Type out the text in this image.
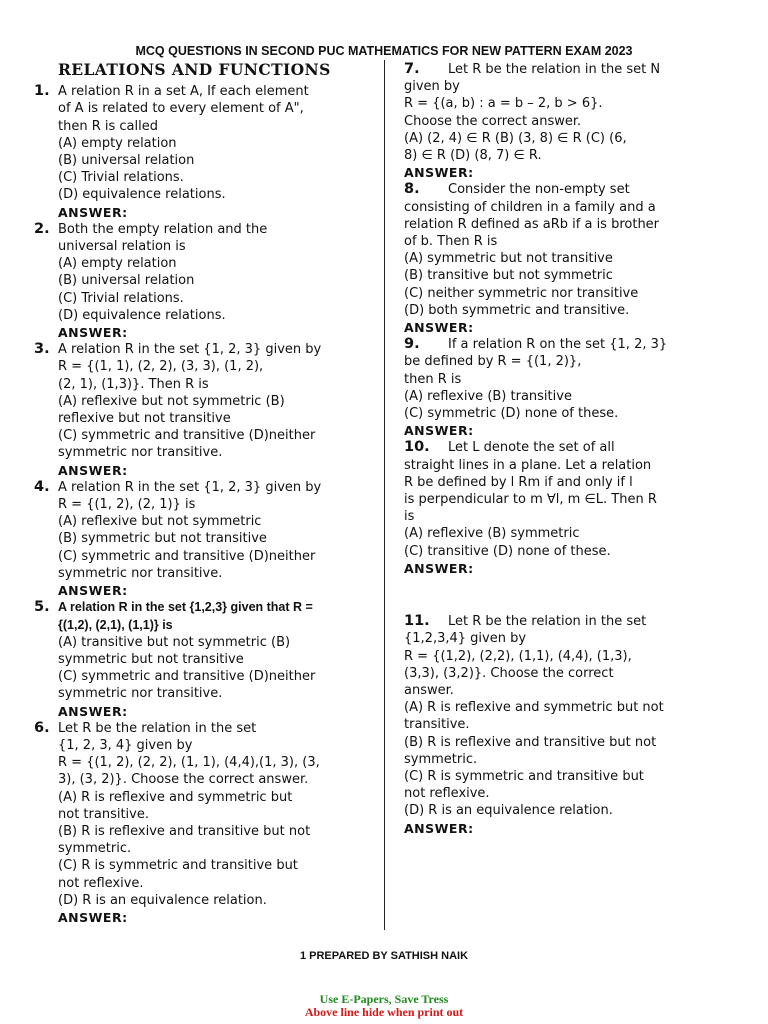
MCQ QUESTIONS IN SECOND PUC MATHEMATICS FOR NEW PATTERN EXAM 2023
RELATIONS AND FUNCTIONS
1. A relation R in a set A, If each element
of A is related to every element of A",
then R is called
(A) empty relation
(B) universal relation
(C) Trivial relations.
(D) equivalence relations.
ANSWER:
2. Both the empty relation and the
universal relation is
(A) empty relation
(B) universal relation
(C) Trivial relations.
(D) equivalence relations.
ANSWER:
3. A relation R in the set {1, 2, 3} given by
R = {(1, 1), (2, 2), (3, 3), (1, 2),
(2, 1), (1,3)}. Then R is
(A) reflexive but not symmetric (B)
reflexive but not transitive
(C) symmetric and transitive (D)neither
symmetric nor transitive.
ANSWER:
4. A relation R in the set {1, 2, 3} given by
R = {(1, 2), (2, 1)} is
(A) reflexive but not symmetric
(B) symmetric but not transitive
(C) symmetric and transitive (D)neither
symmetric nor transitive.
ANSWER:
5. A relation R in the set {1,2,3} given that R =
{(1,2), (2,1), (1,1)} is
(A) transitive but not symmetric (B)
symmetric but not transitive
(C) symmetric and transitive (D)neither
symmetric nor transitive.
ANSWER:
6. Let R be the relation in the set
{1, 2, 3, 4} given by
R = {(1, 2), (2, 2), (1, 1), (4,4),(1, 3), (3,
3), (3, 2)}. Choose the correct answer.
(A) R is reflexive and symmetric but
not transitive.
(B) R is reflexive and transitive but not
symmetric.
(C) R is symmetric and transitive but
not reflexive.
(D) R is an equivalence relation.
ANSWER:
7. Let R be the relation in the set N
given by
R = {(a, b) : a = b – 2, b > 6}.
Choose the correct answer.
(A) (2, 4) ∈ R (B) (3, 8) ∈ R (C) (6,
8) ∈ R (D) (8, 7) ∈ R.
ANSWER:
8. Consider the non-empty set
consisting of children in a family and a
relation R defined as aRb if a is brother
of b. Then R is
(A) symmetric but not transitive
(B) transitive but not symmetric
(C) neither symmetric nor transitive
(D) both symmetric and transitive.
ANSWER:
9. If a relation R on the set {1, 2, 3}
be defined by R = {(1, 2)},
then R is
(A) reflexive (B) transitive
(C) symmetric (D) none of these.
ANSWER:
10. Let L denote the set of all
straight lines in a plane. Let a relation
R be defined by l Rm if and only if l
is perpendicular to m ∀l, m ∈L. Then R
is
(A) reflexive (B) symmetric
(C) transitive (D) none of these.
ANSWER:
11. Let R be the relation in the set
{1,2,3,4} given by
R = {(1,2), (2,2), (1,1), (4,4), (1,3),
(3,3), (3,2)}. Choose the correct
answer.
(A) R is reflexive and symmetric but not
transitive.
(B) R is reflexive and transitive but not
symmetric.
(C) R is symmetric and transitive but
not reflexive.
(D) R is an equivalence relation.
ANSWER:
1 PREPARED BY SATHISH NAIK
Use E-Papers, Save Tress
Above line hide when print out
